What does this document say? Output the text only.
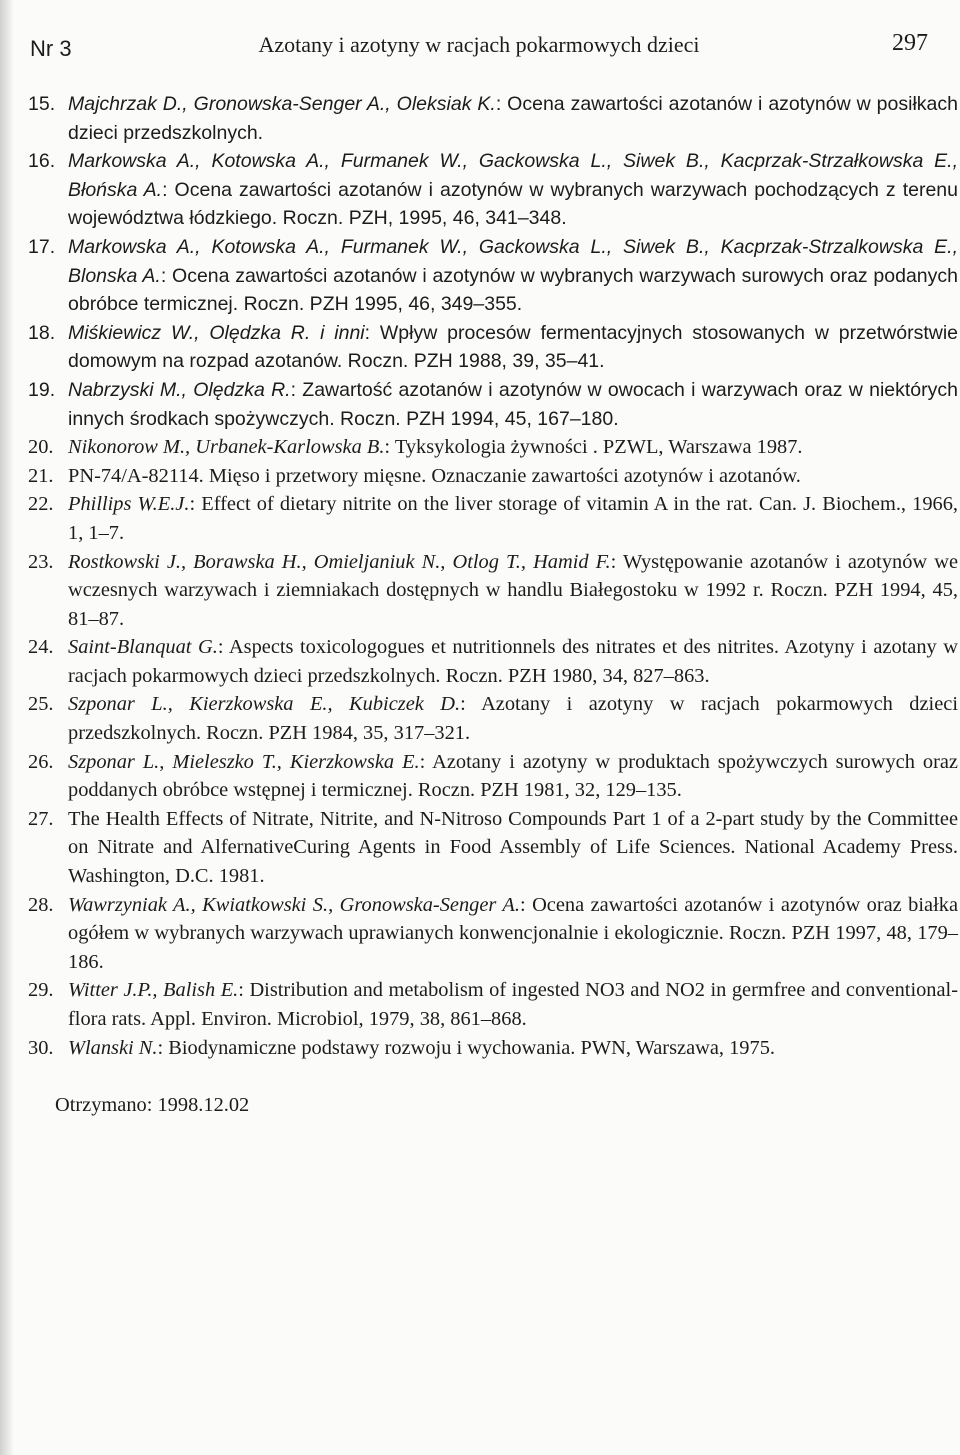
Nr 3	Azotany i azotyny w racjach pokarmowych dzieci	297
15. Majchrzak D., Gronowska-Senger A., Oleksiak K.: Ocena zawartości azotanów i azotynów w posiłkach dzieci przedszkolnych.
16. Markowska A., Kotowska A., Furmanek W., Gackowska L., Siwek B., Kacprzak-Strzałkowska E., Błońska A.: Ocena zawartości azotanów i azotynów w wybranych warzywach pochodzących z terenu województwa łódzkiego. Roczn. PZH, 1995, 46, 341–348.
17. Markowska A., Kotowska A., Furmanek W., Gackowska L., Siwek B., Kacprzak-Strzalkowska E., Blonska A.: Ocena zawartości azotanów i azotynów w wybranych warzywach surowych oraz podanych obróbce termicznej. Roczn. PZH 1995, 46, 349–355.
18. Miśkiewicz W., Olędzka R. i inni: Wpływ procesów fermentacyjnych stosowanych w przetwórstwie domowym na rozpad azotanów. Roczn. PZH 1988, 39, 35–41.
19. Nabrzyski M., Olędzka R.: Zawartość azotanów i azotynów w owocach i warzywach oraz w niektórych innych środkach spożywczych. Roczn. PZH 1994, 45, 167–180.
20. Nikonorow M., Urbanek-Karlowska B.: Tyksykologia żywności . PZWL, Warszawa 1987.
21. PN-74/A-82114. Mięso i przetwory mięsne. Oznaczanie zawartości azotynów i azotanów.
22. Phillips W.E.J.: Effect of dietary nitrite on the liver storage of vitamin A in the rat. Can. J. Biochem., 1966, 1, 1–7.
23. Rostkowski J., Borawska H., Omieljaniuk N., Otlog T., Hamid F.: Występowanie azotanów i azotynów we wczesnych warzywach i ziemniakach dostępnych w handlu Białegostoku w 1992 r. Roczn. PZH 1994, 45, 81–87.
24. Saint-Blanquat G.: Aspects toxicologogues et nutritionnels des nitrates et des nitrites. Azotyny i azotany w racjach pokarmowych dzieci przedszkolnych. Roczn. PZH 1980, 34, 827–863.
25. Szponar L., Kierzkowska E., Kubiczek D.: Azotany i azotyny w racjach pokarmowych dzieci przedszkolnych. Roczn. PZH 1984, 35, 317–321.
26. Szponar L., Mieleszko T., Kierzkowska E.: Azotany i azotyny w produktach spożywczych surowych oraz poddanych obróbce wstępnej i termicznej. Roczn. PZH 1981, 32, 129–135.
27. The Health Effects of Nitrate, Nitrite, and N-Nitroso Compounds Part 1 of a 2-part study by the Committee on Nitrate and AlfernativeCuring Agents in Food Assembly of Life Sciences. National Academy Press. Washington, D.C. 1981.
28. Wawrzyniak A., Kwiatkowski S., Gronowska-Senger A.: Ocena zawartości azotanów i azotynów oraz białka ogółem w wybranych warzywach uprawianych konwencjonalnie i ekologicznie. Roczn. PZH 1997, 48, 179–186.
29. Witter J.P., Balish E.: Distribution and metabolism of ingested NO3 and NO2 in germfree and conventional- flora rats. Appl. Environ. Microbiol, 1979, 38, 861–868.
30. Wlanski N.: Biodynamiczne podstawy rozwoju i wychowania. PWN, Warszawa, 1975.
Otrzymano: 1998.12.02
